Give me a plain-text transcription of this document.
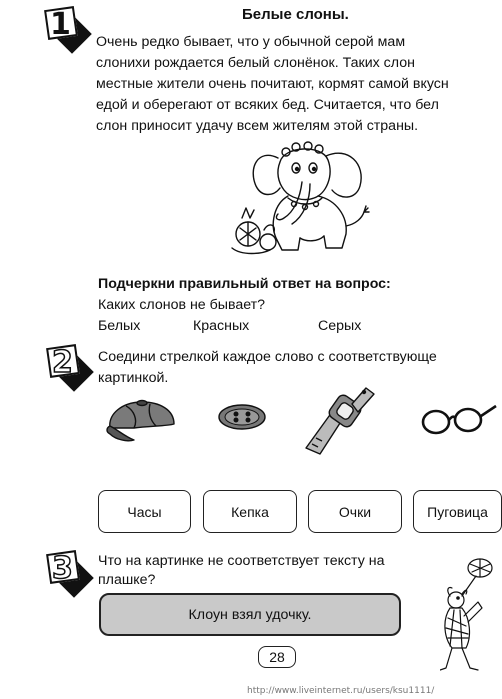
1	Белые слоны.
Очень редко бывает, что у обычной серой мам
слонихи рождается белый слонёнок. Таких слон
местные жители очень почитают, кормят самой вкусн
едой и оберегают от всяких бед. Считается, что бел
слон приносит удачу всем жителям этой страны.
Подчеркни правильный ответ на вопрос:
Каких слонов не бывает?
Белых	Красных	Серых
2 Соедини стрелкой каждое слово с соответствующе
картинкой.
Часы	Кепка	Очки	Пуговица
3 Что на картинке не соответствует тексту на
плашке?
Клоун взял удочку.
28
http://www.liveinternet.ru/users/ksu1111/
